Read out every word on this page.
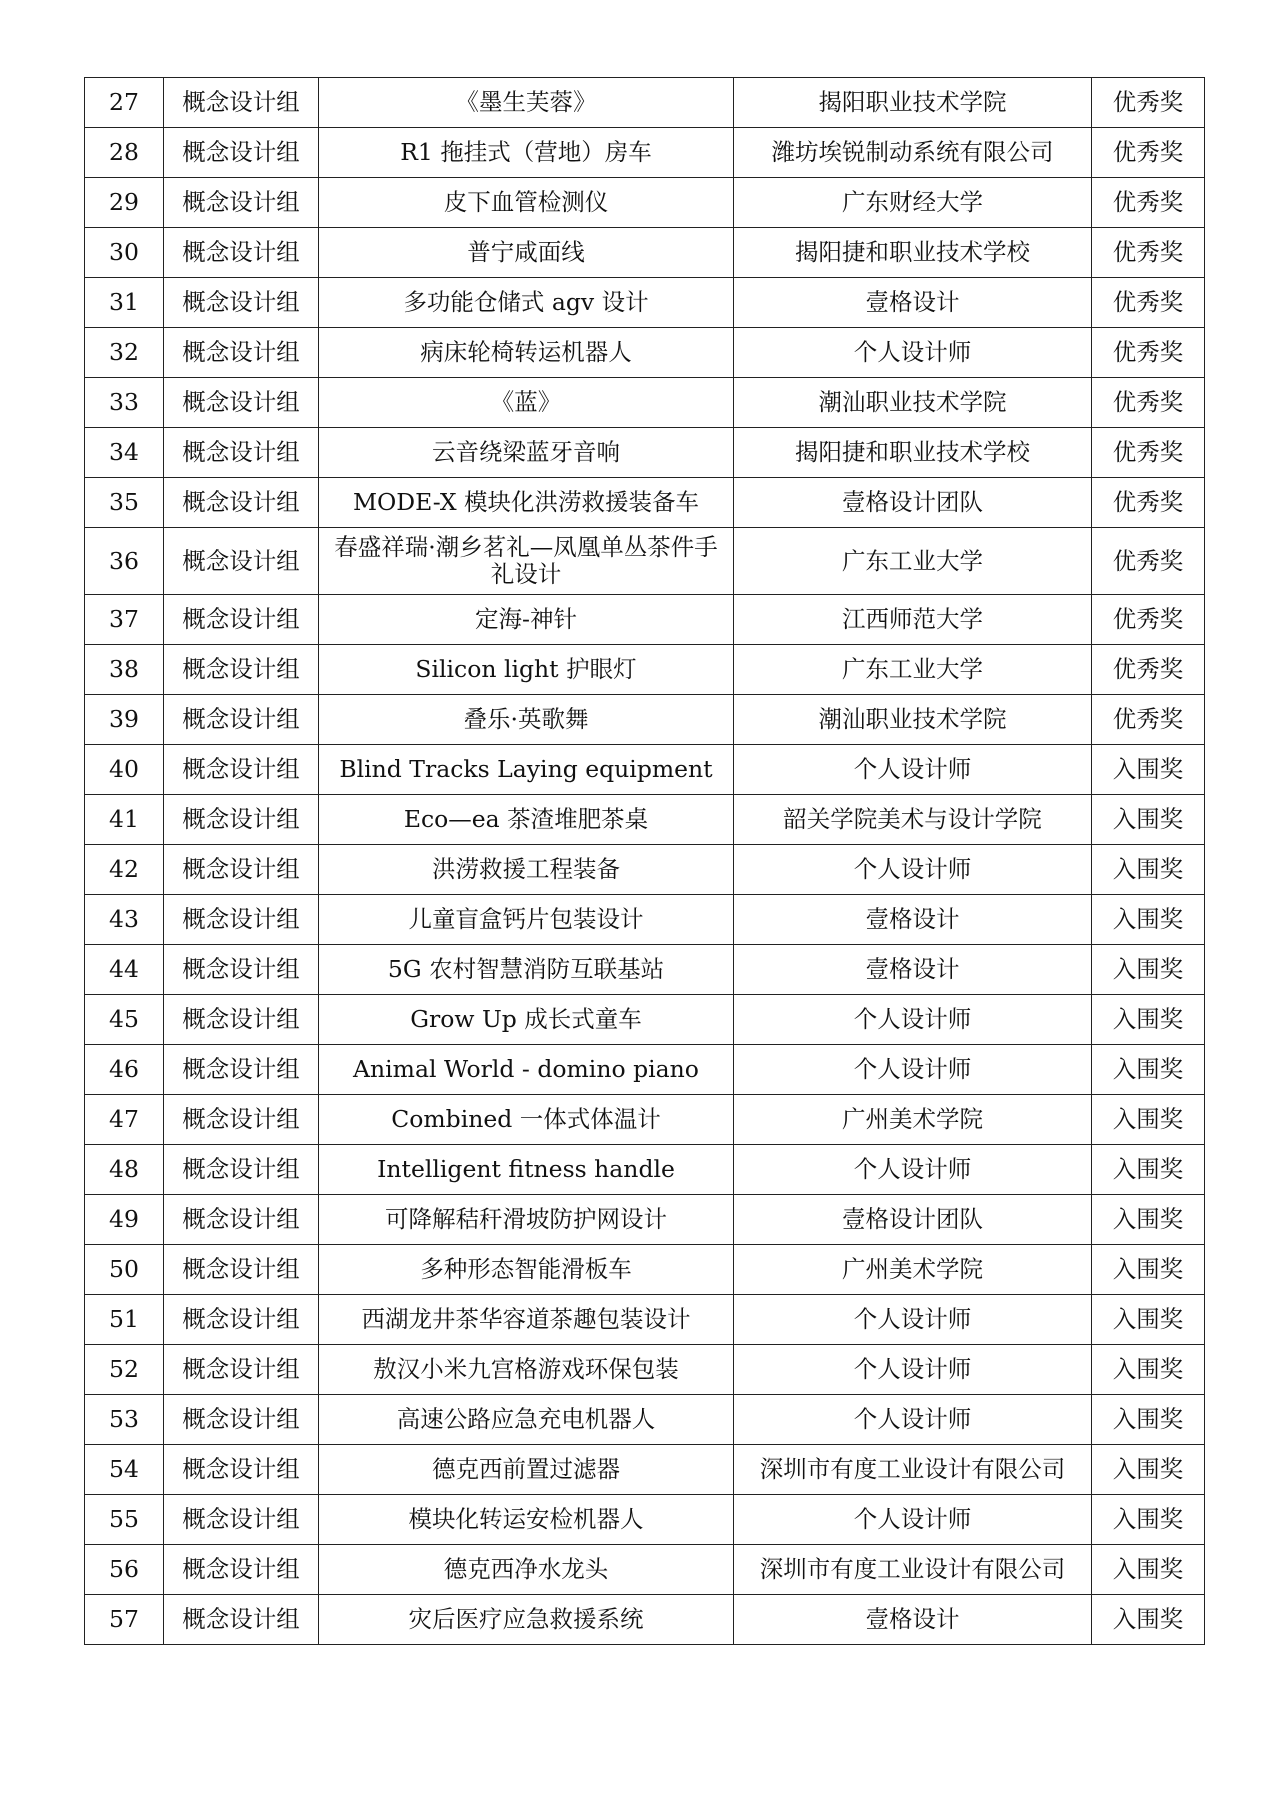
27	概念设计组	《墨生芙蓉》	揭阳职业技术学院	优秀奖
28	概念设计组	R1 拖挂式（营地）房车	潍坊埃锐制动系统有限公司	优秀奖
29	概念设计组	皮下血管检测仪	广东财经大学	优秀奖
30	概念设计组	普宁咸面线	揭阳捷和职业技术学校	优秀奖
31	概念设计组	多功能仓储式 agv 设计	壹格设计	优秀奖
32	概念设计组	病床轮椅转运机器人	个人设计师	优秀奖
33	概念设计组	《蓝》	潮汕职业技术学院	优秀奖
34	概念设计组	云音绕梁蓝牙音响	揭阳捷和职业技术学校	优秀奖
35	概念设计组	MODE-X 模块化洪涝救援装备车	壹格设计团队	优秀奖
36	概念设计组	春盛祥瑞·潮乡茗礼—凤凰单丛茶件手礼设计	广东工业大学	优秀奖
37	概念设计组	定海-神针	江西师范大学	优秀奖
38	概念设计组	Silicon light 护眼灯	广东工业大学	优秀奖
39	概念设计组	叠乐·英歌舞	潮汕职业技术学院	优秀奖
40	概念设计组	Blind Tracks Laying equipment	个人设计师	入围奖
41	概念设计组	Eco—ea 茶渣堆肥茶桌	韶关学院美术与设计学院	入围奖
42	概念设计组	洪涝救援工程装备	个人设计师	入围奖
43	概念设计组	儿童盲盒钙片包装设计	壹格设计	入围奖
44	概念设计组	5G 农村智慧消防互联基站	壹格设计	入围奖
45	概念设计组	Grow Up 成长式童车	个人设计师	入围奖
46	概念设计组	Animal World - domino piano	个人设计师	入围奖
47	概念设计组	Combined 一体式体温计	广州美术学院	入围奖
48	概念设计组	Intelligent fitness handle	个人设计师	入围奖
49	概念设计组	可降解秸秆滑坡防护网设计	壹格设计团队	入围奖
50	概念设计组	多种形态智能滑板车	广州美术学院	入围奖
51	概念设计组	西湖龙井茶华容道茶趣包装设计	个人设计师	入围奖
52	概念设计组	敖汉小米九宫格游戏环保包装	个人设计师	入围奖
53	概念设计组	高速公路应急充电机器人	个人设计师	入围奖
54	概念设计组	德克西前置过滤器	深圳市有度工业设计有限公司	入围奖
55	概念设计组	模块化转运安检机器人	个人设计师	入围奖
56	概念设计组	德克西净水龙头	深圳市有度工业设计有限公司	入围奖
57	概念设计组	灾后医疗应急救援系统	壹格设计	入围奖
